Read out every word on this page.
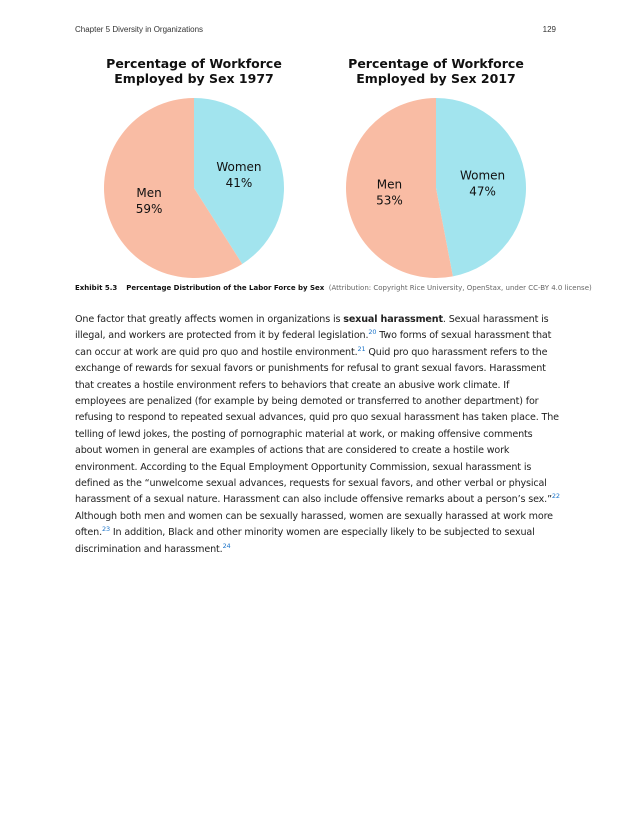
Chapter 5 Diversity in Organizations	129

Percentage of Workforce Employed by Sex 1977

Women
41%
Men
59%

Percentage of Workforce Employed by Sex 2017

Women
47%
Men
53%
Exhibit 5.3 Percentage Distribution of the Labor Force by Sex (Attribution: Copyright Rice University, OpenStax, under CC-BY 4.0 license)

One factor that greatly affects women in organizations is sexual harassment. Sexual harassment is illegal, and workers are protected from it by federal legislation.$^{20}$ Two forms of sexual harassment that can occur at work are quid pro quo and hostile environment.$^{21}$ Quid pro quo harassment refers to the exchange of rewards for sexual favors or punishments for refusal to grant sexual favors. Harassment that creates a hostile environment refers to behaviors that create an abusive work climate. If employees are penalized (for example by being demoted or transferred to another department) for refusing to respond to repeated sexual advances, quid pro quo sexual harassment has taken place. The telling of lewd jokes, the posting of pornographic material at work, or making offensive comments about women in general are examples of actions that are considered to create a hostile work environment. According to the Equal Employment Opportunity Commission, sexual harassment is defined as the “unwelcome sexual advances, requests for sexual favors, and other verbal or physical harassment of a sexual nature. Harassment can also include offensive remarks about a person’s sex.”$^{22}$ Although both men and women can be sexually harassed, women are sexually harassed at work more often.$^{23}$ In addition, Black and other minority women are especially likely to be subjected to sexual discrimination and harassment.$^{24}$
